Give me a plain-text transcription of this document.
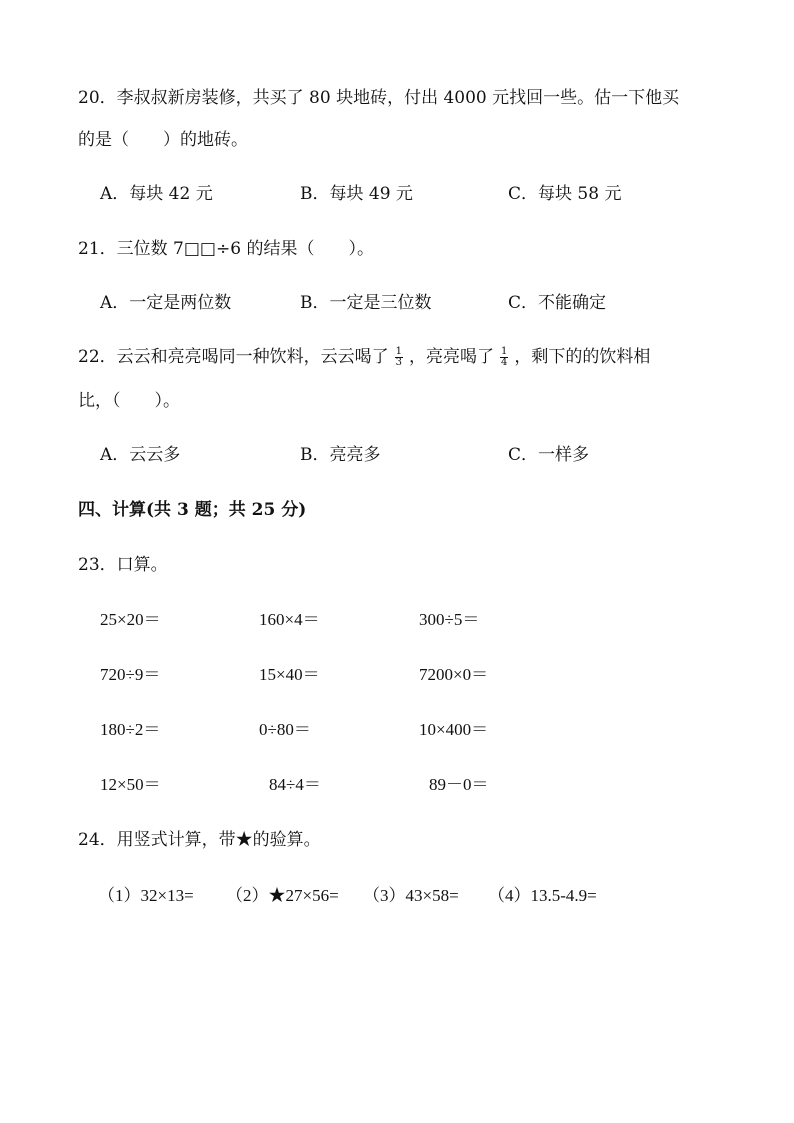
20．李叔叔新房装修，共买了 80 块地砖，付出 4000 元找回一些。估一下他买
的是（　　）的地砖。
A．每块 42 元	B．每块 49 元	C．每块 58 元
21．三位数 7□□÷6 的结果（　　）。
A．一定是两位数	B．一定是三位数	C．不能确定
22．云云和亮亮喝同一种饮料，云云喝了 $\frac{1}{3}$ ，亮亮喝了 $\frac{1}{4}$ ，剩下的的饮料相
比，（　　）。
A．云云多	B．亮亮多	C．一样多
四、计算(共 3 题；共 25 分)
23．口算。
25×20＝	160×4＝	300÷5＝
720÷9＝	15×40＝	7200×0＝
180÷2＝	0÷80＝	10×400＝
12×50＝	84÷4＝	89－0＝
24．用竖式计算，带★的验算。
（1）32×13= （2）★27×56= （3）43×58= （4）13.5-4.9=
